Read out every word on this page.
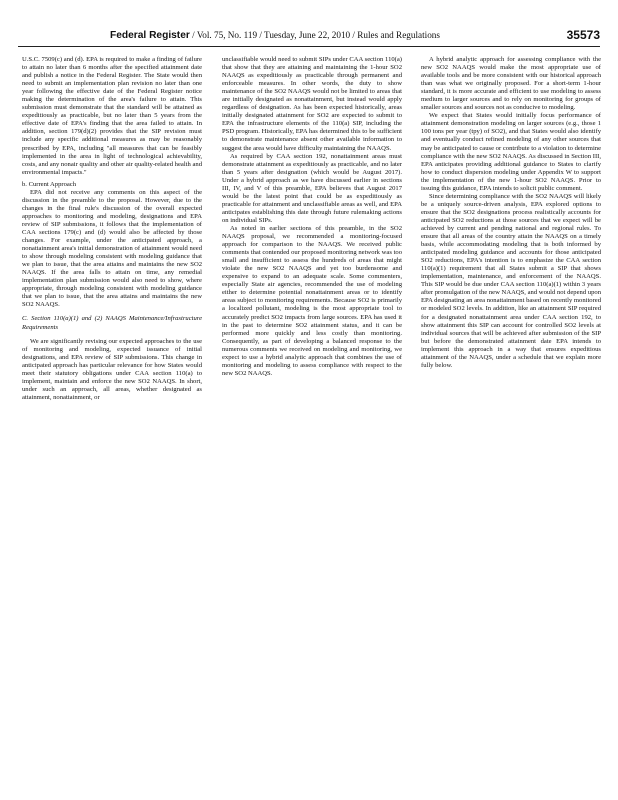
Federal Register / Vol. 75, No. 119 / Tuesday, June 22, 2010 / Rules and Regulations	35573

U.S.C. 7509(c) and (d). EPA is required to make a finding of failure to attain no later than 6 months after the specified attainment date and publish a notice in the Federal Register. The State would then need to submit an implementation plan revision no later than one year following the effective date of the Federal Register notice making the determination of the area's failure to attain. This submission must demonstrate that the standard will be attained as expeditiously as practicable, but no later than 5 years from the effective date of EPA's finding that the area failed to attain. In addition, section 179(d)(2) provides that the SIP revision must include any specific additional measures as may be reasonably prescribed by EPA, including "all measures that can be feasibly implemented in the area in light of technological achievability, costs, and any nonair quality and other air quality-related health and environmental impacts."

b. Current Approach

EPA did not receive any comments on this aspect of the discussion in the preamble to the proposal. However, due to the changes in the final rule's discussion of the overall expected approaches to monitoring and modeling, designations and EPA review of SIP submissions, it follows that the implementation of CAA sections 179(c) and (d) would also be affected by those changes. For example, under the anticipated approach, a nonattainment area's initial demonstration of attainment would need to show through modeling consistent with modeling guidance that we plan to issue, that the area attains and maintains the new SO2 NAAQS. If the area falls to attain on time, any remedial implementation plan submission would also need to show, where appropriate, through modeling consistent with modeling guidance that we plan to issue, that the area attains and maintains the new SO2 NAAQS.

C. Section 110(a)(1) and (2) NAAQS Maintenance/Infrastructure Requirements

We are significantly revising our expected approaches to the use of monitoring and modeling, expected issuance of initial designations, and EPA review of SIP submissions. This change in anticipated approach has particular relevance for how States would meet their statutory obligations under CAA section 110(a) to implement, maintain and enforce the new SO2 NAAQS. In short, under such an approach, all areas, whether designated as attainment, nonattainment, or

unclassifiable would need to submit SIPs under CAA section 110(a) that show that they are attaining and maintaining the 1-hour SO2 NAAQS as expeditiously as practicable through permanent and enforceable measures. In other words, the duty to show maintenance of the SO2 NAAQS would not be limited to areas that are initially designated as nonattainment, but instead would apply regardless of designation. As has been expected historically, areas initially designated attainment for SO2 are expected to submit to EPA the infrastructure elements of the 110(a) SIP, including the PSD program. Historically, EPA has determined this to be sufficient to demonstrate maintenance absent other available information to suggest the area would have difficulty maintaining the NAAQS.

As required by CAA section 192, nonattainment areas must demonstrate attainment as expeditiously as practicable, and no later than 5 years after designation (which would be August 2017). Under a hybrid approach as we have discussed earlier in sections III, IV, and V of this preamble, EPA believes that August 2017 would be the latest point that could be as expeditiously as practicable for attainment and unclassifiable areas as well, and EPA anticipates establishing this date through future rulemaking actions on individual SIPs.

As noted in earlier sections of this preamble, in the SO2 NAAQS proposal, we recommended a monitoring-focused approach for comparison to the NAAQS. We received public comments that contended our proposed monitoring network was too small and insufficient to assess the hundreds of areas that might violate the new SO2 NAAQS and yet too burdensome and expensive to expand to an adequate scale. Some commenters, especially State air agencies, recommended the use of modeling either to determine potential nonattainment areas or to identify areas subject to monitoring requirements. Because SO2 is primarily a localized pollutant, modeling is the most appropriate tool to accurately predict SO2 impacts from large sources. EPA has used it in the past to determine SO2 attainment status, and it can be performed more quickly and less costly than monitoring. Consequently, as part of developing a balanced response to the numerous comments we received on modeling and monitoring, we expect to use a hybrid analytic approach that combines the use of monitoring and modeling to assess compliance with respect to the new SO2 NAAQS.

A hybrid analytic approach for assessing compliance with the new SO2 NAAQS would make the most appropriate use of available tools and be more consistent with our historical approach than was what we originally proposed. For a short-term 1-hour standard, it is more accurate and efficient to use modeling to assess medium to larger sources and to rely on monitoring for groups of smaller sources and sources not as conducive to modeling.

We expect that States would initially focus performance of attainment demonstration modeling on larger sources (e.g., those 1 100 tons per year (tpy) of SO2), and that States would also identify and eventually conduct refined modeling of any other sources that may be anticipated to cause or contribute to a violation to determine compliance with the new SO2 NAAQS. As discussed in Section III, EPA anticipates providing additional guidance to States to clarify how to conduct dispersion modeling under Appendix W to support the implementation of the new 1-hour SO2 NAAQS. Prior to issuing this guidance, EPA intends to solicit public comment.

Since determining compliance with the SO2 NAAQS will likely be a uniquely source-driven analysis, EPA explored options to ensure that the SO2 designations process realistically accounts for anticipated SO2 reductions at those sources that we expect will be achieved by current and pending national and regional rules. To ensure that all areas of the country attain the NAAQS on a timely basis, while accommodating modeling that is both informed by anticipated modeling guidance and accounts for those anticipated SO2 reductions, EPA's intention is to emphasize the CAA section 110(a)(1) requirement that all States submit a SIP that shows implementation, maintenance, and enforcement of the NAAQS. This SIP would be due under CAA section 110(a)(1) within 3 years after promulgation of the new NAAQS, and would not depend upon EPA designating an area nonattainment based on recently monitored or modeled SO2 levels. In addition, like an attainment SIP required for a designated nonattainment area under CAA section 192, to show attainment this SIP can account for controlled SO2 levels at individual sources that will be achieved after submission of the SIP but before the demonstrated attainment date EPA intends to implement this approach in a way that ensures expeditious attainment of the NAAQS, under a schedule that we explain more fully below.
